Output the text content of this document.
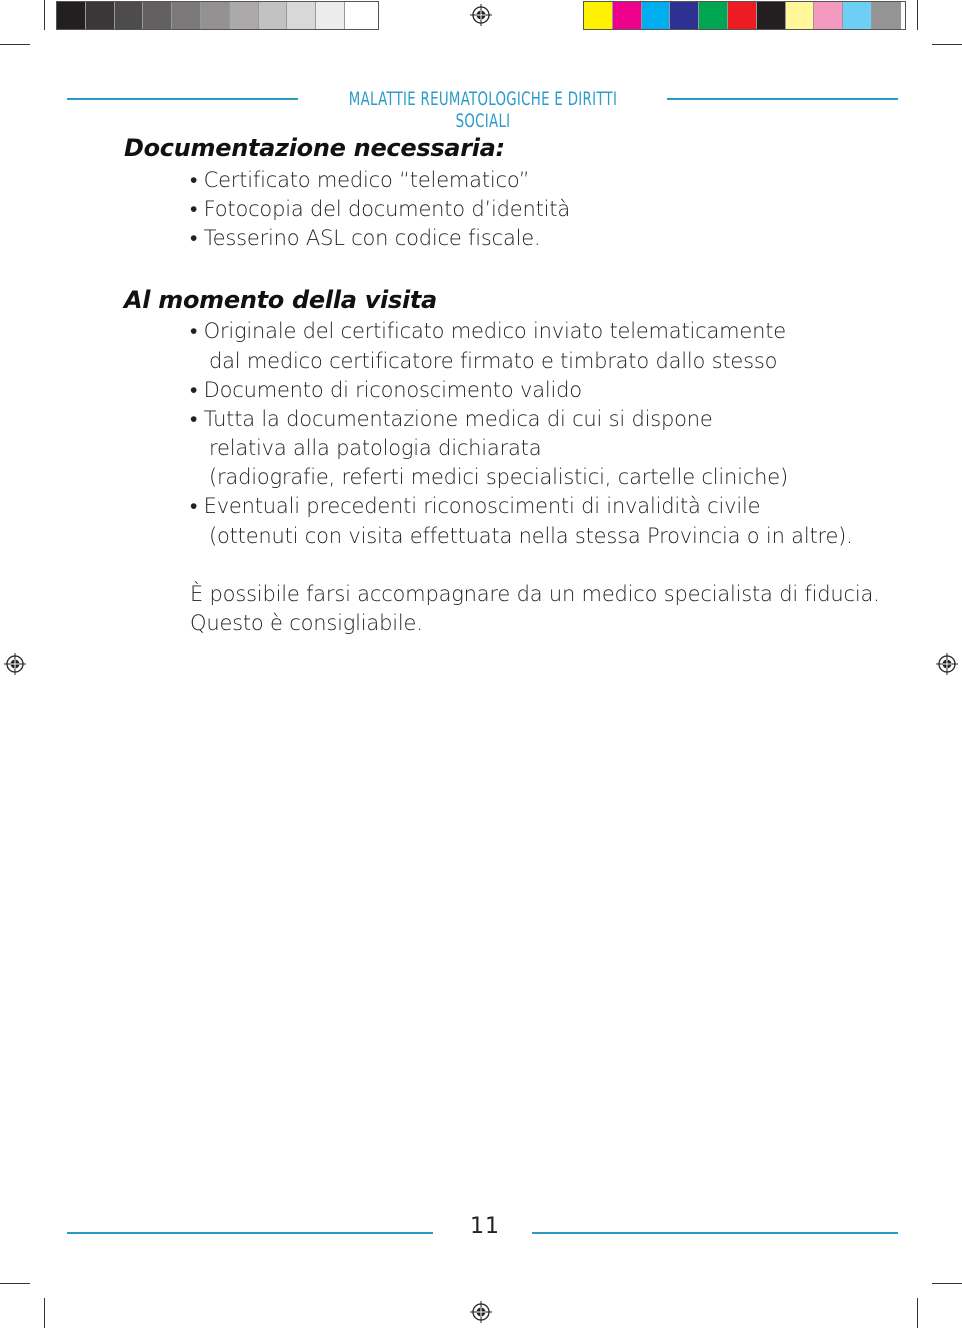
MALATTIE REUMATOLOGICHE E DIRITTI SOCIALI
Documentazione necessaria:
• Certificato medico “telematico”
• Fotocopia del documento d’identità
• Tesserino ASL con codice fiscale.
Al momento della visita
• Originale del certificato medico inviato telematicamente
dal medico certificatore firmato e timbrato dallo stesso
• Documento di riconoscimento valido
• Tutta la documentazione medica di cui si dispone
relativa alla patologia dichiarata
(radiografie, referti medici specialistici, cartelle cliniche)
• Eventuali precedenti riconoscimenti di invalidità civile
(ottenuti con visita effettuata nella stessa Provincia o in altre).
È possibile farsi accompagnare da un medico specialista di fiducia.
Questo è consigliabile.
11
